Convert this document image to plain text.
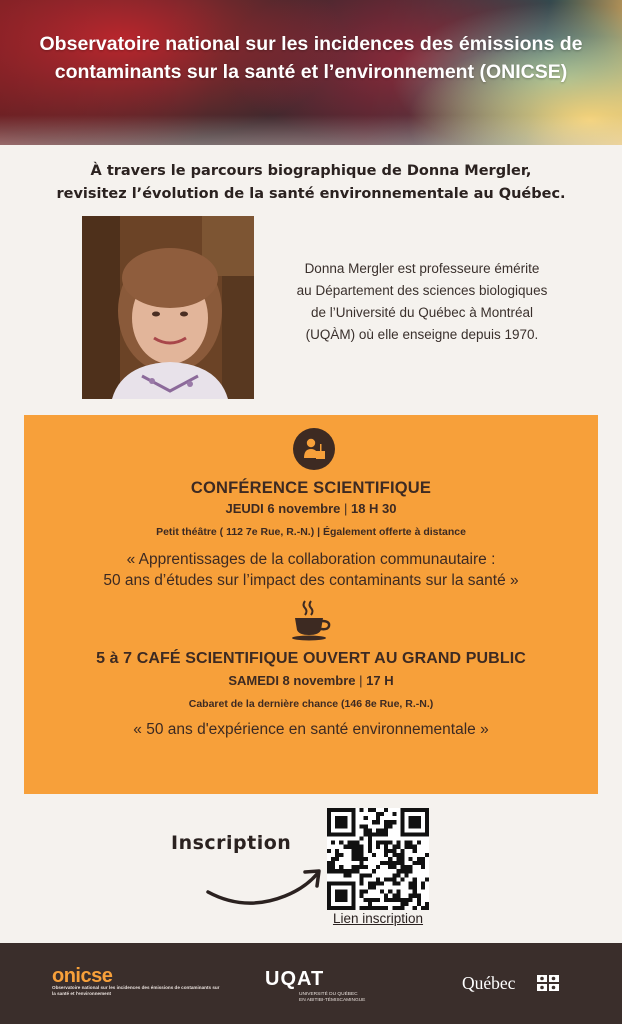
Observatoire national sur les incidences des émissions de contaminants sur la santé et l’environnement (ONICSE)
À travers le parcours biographique de Donna Mergler,
revisitez l’évolution de la santé environnementale au Québec.
Donna Mergler est professeure émérite
au Département des sciences biologiques
de l’Université du Québec à Montréal
(UQÀM) où elle enseigne depuis 1970.
CONFÉRENCE SCIENTIFIQUE
JEUDI 6 novembre | 18 H 30
Petit théâtre ( 112 7e Rue, R.-N.) | Également offerte à distance
« Apprentissages de la collaboration communautaire :
50 ans d’études sur l’impact des contaminants sur la santé »
5 à 7 CAFÉ SCIENTIFIQUE OUVERT AU GRAND PUBLIC
SAMEDI 8 novembre | 17 H
Cabaret de la dernière chance (146 8e Rue, R.-N.)
« 50 ans d'expérience en santé environnementale »
Inscription
Lien inscription
onicse
Observatoire national sur les incidences des émissions de contaminants sur la santé et l'environnement
UQAT
UNIVERSITÉ DU QUÉBEC
EN ABITIBI-TÉMISCAMINGUE
Québec
